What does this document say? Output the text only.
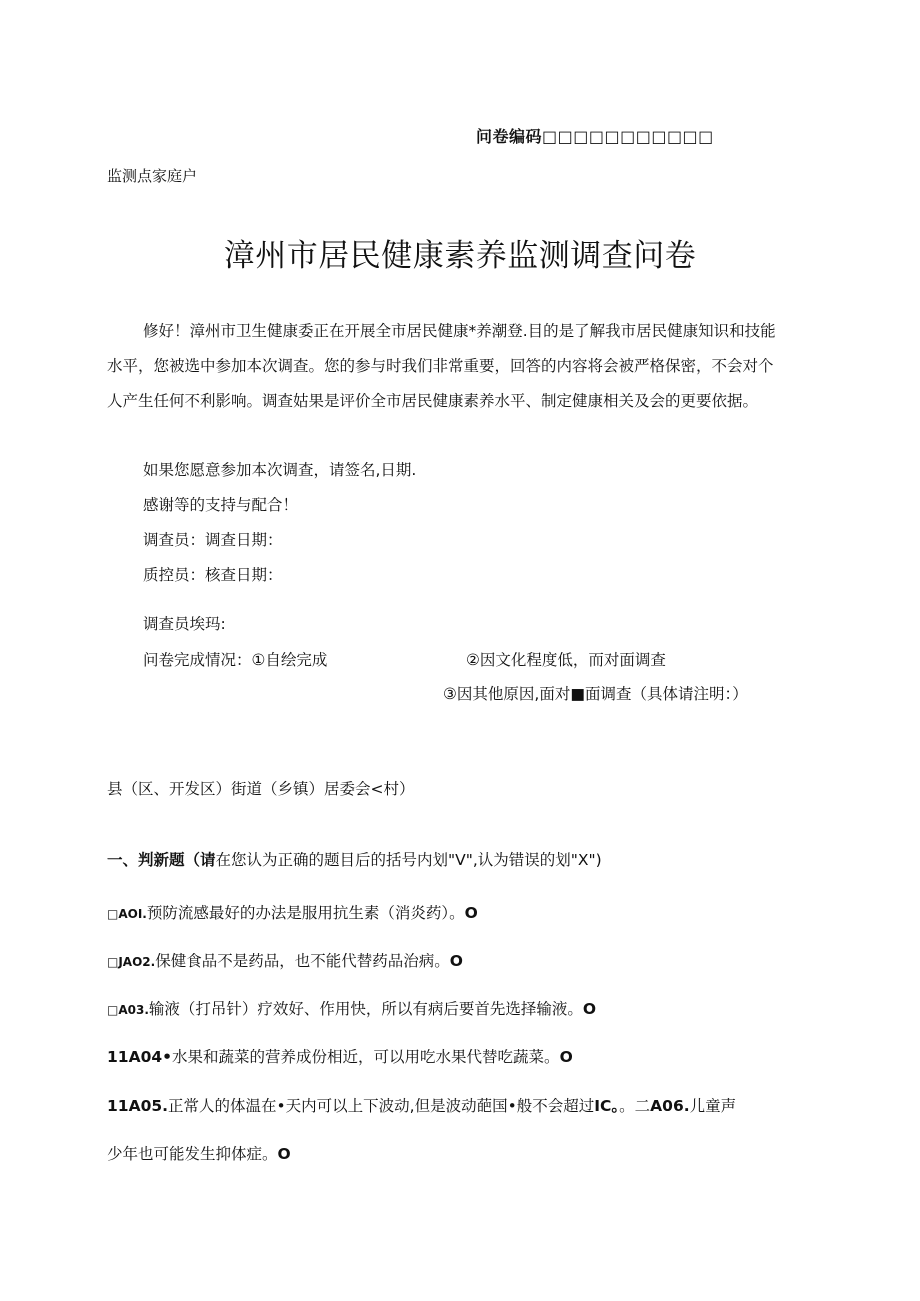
问卷编码□□□□□□□□□□□
监测点家庭户
漳州市居民健康素养监测调查问卷
修好！漳州市卫生健康委正在开展全市居民健康*养潮登.目的是了解我市居民健康知识和技能水平，您被选中参加本次调查。您的参与时我们非常重要，回答的内容将会被严格保密，不会对个人产生任何不利影响。调查姑果是评价全市居民健康素养水平、制定健康相关及会的更要依据。
如果您愿意参加本次调查，请签名,日期.
感谢等的支持与配合！
调查员：调查日期：
质控员：核查日期：
调查员埃玛:
问卷完成情况：①自绘完成	②因文化程度低，而对面调查
③因其他原因,面对■面调查（具体请注明：）
县（区、开发区）街道（乡镇）居委会<村）
一、判新题（请在您认为正确的题目后的括号内划"V",认为错误的划"X")
□AOI.预防流感最好的办法是服用抗生素（消炎药）。O
□JAO2.保健食品不是药品，也不能代替药品治病。O
□A03.输液（打吊针）疗效好、作用快，所以有病后要首先选择输液。O
11A04•水果和蔬菜的营养成份相近，可以用吃水果代替吃蔬菜。O
11A05.正常人的体温在•天内可以上下波动,但是波动葩国•般不会超过IC。。二A06.儿童声
少年也可能发生抑体症。O
